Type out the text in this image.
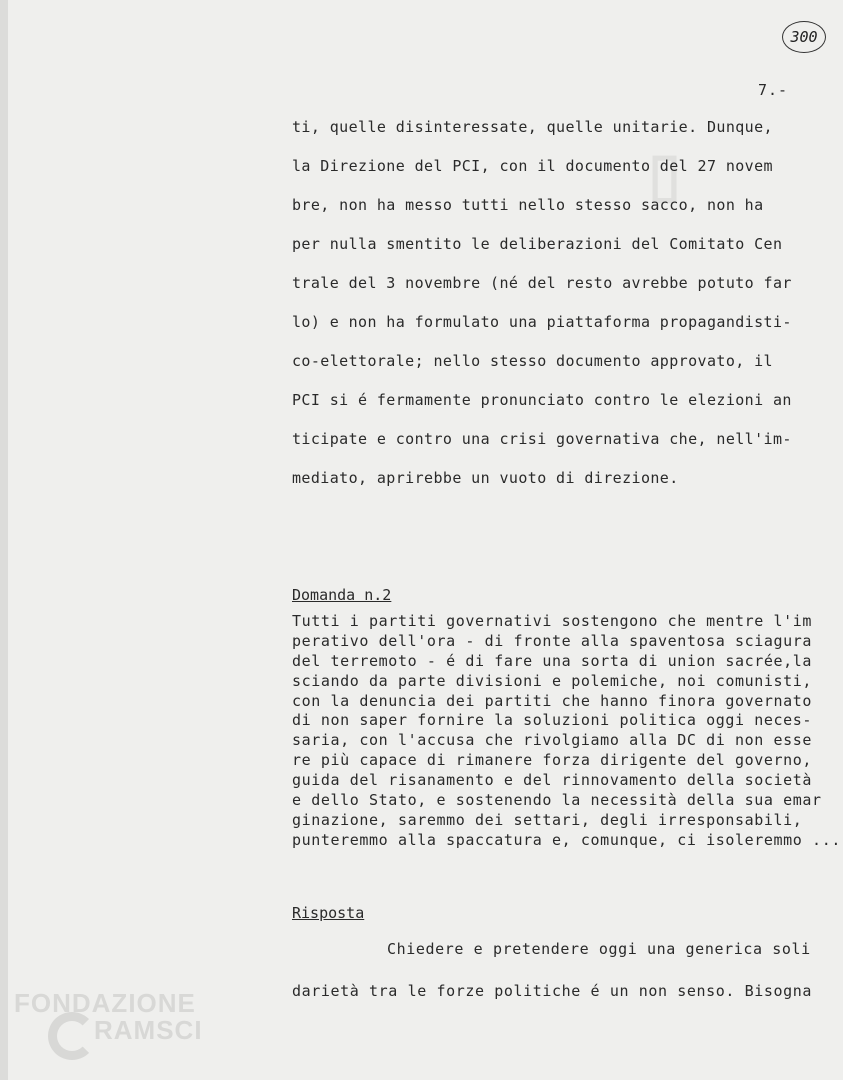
▯
300
7.-
ti, quelle disinteressate, quelle unitarie. Dunque,
la Direzione del PCI, con il documento del 27 novem
bre, non ha messo tutti nello stesso sacco, non ha
per nulla smentito le deliberazioni del Comitato Cen
trale del 3 novembre (né del resto avrebbe potuto far
lo) e non ha formulato una piattaforma propagandisti-
co-elettorale; nello stesso documento approvato, il
PCI si é fermamente pronunciato contro le elezioni an
ticipate e contro una crisi governativa che, nell'im-
mediato, aprirebbe un vuoto di direzione.
Domanda n.2
Tutti i partiti governativi sostengono che mentre l'im
perativo dell'ora - di fronte alla spaventosa sciagura
del terremoto - é di fare una sorta di union sacrée,la
sciando da parte divisioni e polemiche, noi comunisti,
con la denuncia dei partiti che hanno finora governato
di non saper fornire la soluzioni politica oggi neces-
saria, con l'accusa che rivolgiamo alla DC di non esse
re più capace di rimanere forza dirigente del governo,
guida del risanamento e del rinnovamento della società
e dello Stato, e sostenendo la necessità della sua emar
ginazione, saremmo dei settari, degli irresponsabili,
punteremmo alla spaccatura e, comunque, ci isoleremmo ...
Risposta
Chiedere e pretendere oggi una generica soli
darietà tra le forze politiche é un non senso. Bisogna
FONDAZIONE
RAMSCI
